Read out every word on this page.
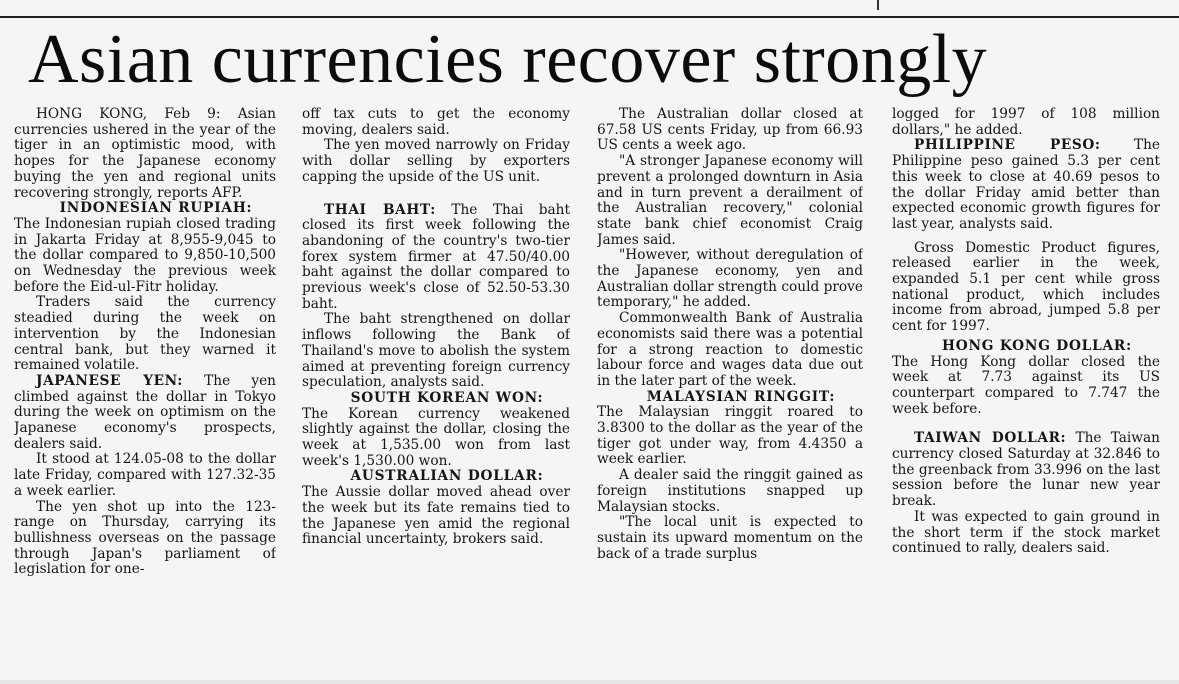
Asian currencies recover strongly

HONG KONG, Feb 9: Asian currencies ushered in the year of the tiger in an optimistic mood, with hopes for the Japanese economy buying the yen and regional units recovering strongly, reports AFP.

INDONESIAN RUPIAH:

The Indonesian rupiah closed trading in Jakarta Friday at 8,955-9,045 to the dollar compared to 9,850-10,500 on Wednesday the previous week before the Eid-ul-Fitr holiday.

Traders said the currency steadied during the week on intervention by the Indonesian central bank, but they warned it remained volatile.

JAPANESE YEN: The yen climbed against the dollar in Tokyo during the week on optimism on the Japanese economy's prospects, dealers said.

It stood at 124.05-08 to the dollar late Friday, compared with 127.32-35 a week earlier.

The yen shot up into the 123-range on Thursday, carrying its bullishness overseas on the passage through Japan's parliament of legislation for one-

off tax cuts to get the economy moving, dealers said.

The yen moved narrowly on Friday with dollar selling by exporters capping the upside of the US unit.

THAI BAHT: The Thai baht closed its first week following the abandoning of the country's two-tier forex system firmer at 47.50/40.00 baht against the dollar compared to previous week's close of 52.50-53.30 baht.

The baht strengthened on dollar inflows following the Bank of Thailand's move to abolish the system aimed at preventing foreign currency speculation, analysts said.

SOUTH KOREAN WON:

The Korean currency weakened slightly against the dollar, closing the week at 1,535.00 won from last week's 1,530.00 won.

AUSTRALIAN DOLLAR:

The Aussie dollar moved ahead over the week but its fate remains tied to the Japanese yen amid the regional financial uncertainty, brokers said.

The Australian dollar closed at 67.58 US cents Friday, up from 66.93 US cents a week ago.

"A stronger Japanese economy will prevent a prolonged downturn in Asia and in turn prevent a derailment of the Australian recovery," colonial state bank chief economist Craig James said.

"However, without deregulation of the Japanese economy, yen and Australian dollar strength could prove temporary," he added.

Commonwealth Bank of Australia economists said there was a potential for a strong reaction to domestic labour force and wages data due out in the later part of the week.

MALAYSIAN RINGGIT:

The Malaysian ringgit roared to 3.8300 to the dollar as the year of the tiger got under way, from 4.4350 a week earlier.

A dealer said the ringgit gained as foreign institutions snapped up Malaysian stocks.

"The local unit is expected to sustain its upward momentum on the back of a trade surplus

logged for 1997 of 108 million dollars," he added.

PHILIPPINE PESO: The Philippine peso gained 5.3 per cent this week to close at 40.69 pesos to the dollar Friday amid better than expected economic growth figures for last year, analysts said.

Gross Domestic Product figures, released earlier in the week, expanded 5.1 per cent while gross national product, which includes income from abroad, jumped 5.8 per cent for 1997.

HONG KONG DOLLAR:

The Hong Kong dollar closed the week at 7.73 against its US counterpart compared to 7.747 the week before.

TAIWAN DOLLAR: The Taiwan currency closed Saturday at 32.846 to the greenback from 33.996 on the last session before the lunar new year break.

It was expected to gain ground in the short term if the stock market continued to rally, dealers said.
